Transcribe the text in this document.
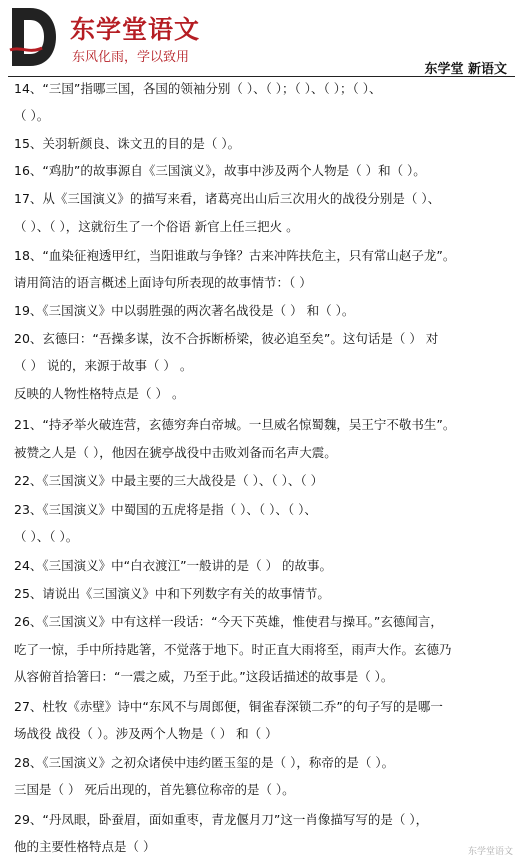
东学堂语文
东风化雨，学以致用
东学堂 新语文
14、“三国”指哪三国，各国的领袖分别（ ）、（ ）；（ ）、（ ）；（ ）、
（ ）。
15、关羽斩颜良、诛文丑的目的是（ ）。
16、“鸡肋”的故事源自《三国演义》，故事中涉及两个人物是（ ）和（ ）。
17、从《三国演义》的描写来看，诸葛亮出山后三次用火的战役分别是（ ）、
（ ）、（ ），这就衍生了一个俗语 新官上任三把火 。
18、“血染征袍透甲红，当阳谁敢与争锋？古来冲阵扶危主，只有常山赵子龙”。
请用简洁的语言概述上面诗句所表现的故事情节：（ ）
19、《三国演义》中以弱胜强的两次著名战役是（ ） 和（ ）。
20、玄德曰：“吾操多谋，汝不合拆断桥梁，彼必追至矣”。这句话是（ ） 对
（ ） 说的，来源于故事（ ） 。
反映的人物性格特点是（ ） 。
21、“持矛举火破连营，玄德穷奔白帝城。一旦威名惊蜀魏，吴王宁不敬书生”。
被赞之人是（ ），他因在猇亭战役中击败刘备而名声大震。
22、《三国演义》中最主要的三大战役是（ ）、（ ）、（ ）
23、《三国演义》中蜀国的五虎将是指（ ）、（ ）、（ ）、
（ ）、（ ）。
24、《三国演义》中“白衣渡江”一般讲的是（ ） 的故事。
25、请说出《三国演义》中和下列数字有关的故事情节。
26、《三国演义》中有这样一段话：“今天下英雄，惟使君与操耳。”玄德闻言，
吃了一惊，手中所持匙箸，不觉落于地下。时正直大雨将至，雨声大作。玄德乃
从容俯首拾箸曰：“一震之威，乃至于此。”这段话描述的故事是（ ）。
27、杜牧《赤壁》诗中“东风不与周郎便，铜雀春深锁二乔”的句子写的是哪一
场战役 战役（ ）。涉及两个人物是（ ） 和（ ）
28、《三国演义》之初众诸侯中违约匿玉玺的是（ ），称帝的是（ ）。
三国是（ ） 死后出现的，首先篡位称帝的是（ ）。
29、“丹凤眼，卧蚕眉，面如重枣，青龙偃月刀”这一肖像描写写的是（ ），
他的主要性格特点是（ ）	东学堂语文
